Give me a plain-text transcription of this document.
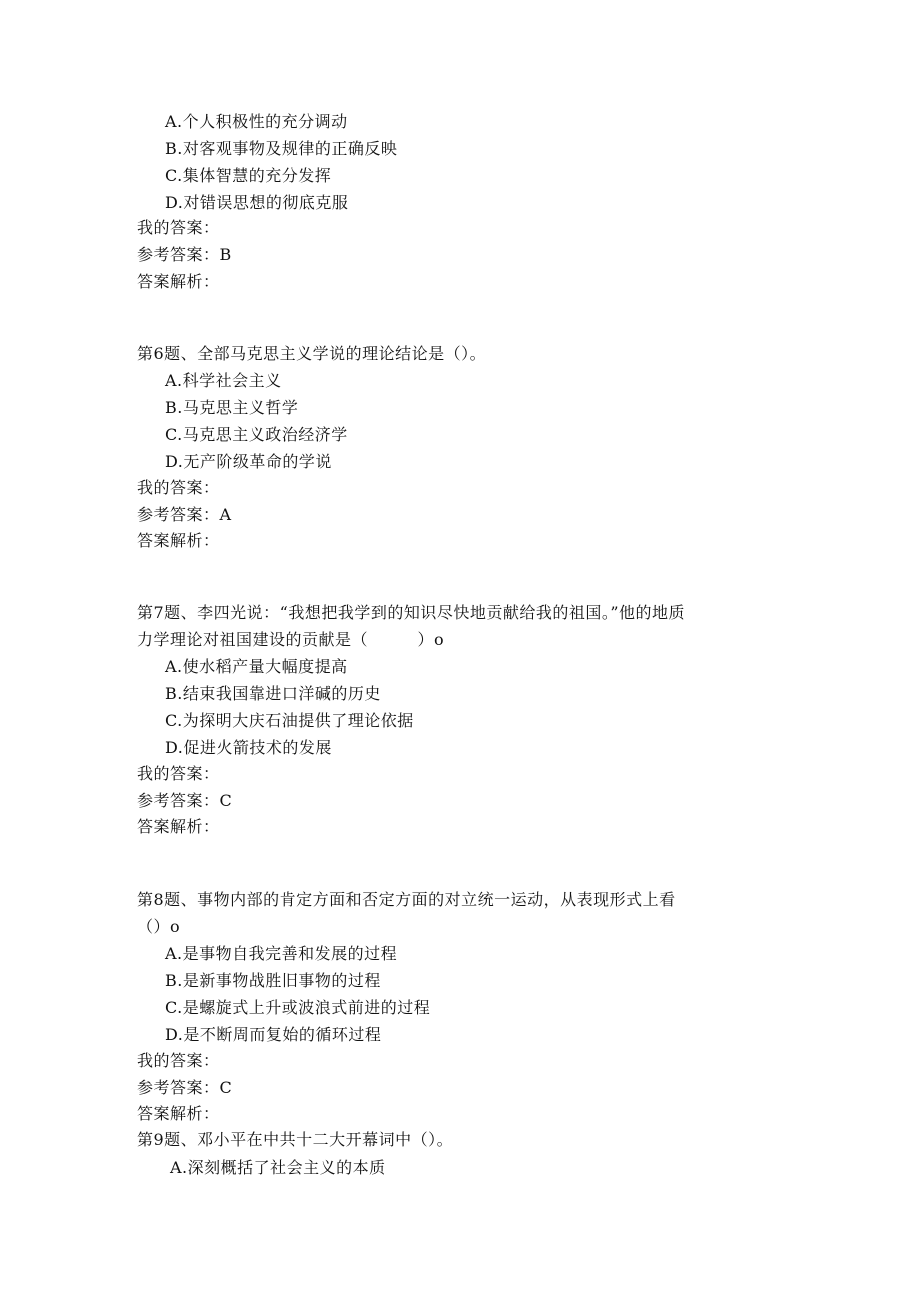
A.个人积极性的充分调动
B.对客观事物及规律的正确反映
C.集体智慧的充分发挥
D.对错误思想的彻底克服
我的答案：
参考答案：B
答案解析：
第6题、全部马克思主义学说的理论结论是（）。
A.科学社会主义
B.马克思主义哲学
C.马克思主义政治经济学
D.无产阶级革命的学说
我的答案：
参考答案：A
答案解析：
第7题、李四光说：“我想把我学到的知识尽快地贡献给我的祖国。”他的地质
力学理论对祖国建设的贡献是（　　　）o
A.使水稻产量大幅度提高
B.结束我国靠进口洋碱的历史
C.为探明大庆石油提供了理论依据
D.促进火箭技术的发展
我的答案：
参考答案：C
答案解析：
第8题、事物内部的肯定方面和否定方面的对立统一运动，从表现形式上看
（）o
A.是事物自我完善和发展的过程
B.是新事物战胜旧事物的过程
C.是螺旋式上升或波浪式前进的过程
D.是不断周而复始的循环过程
我的答案：
参考答案：C
答案解析：
第9题、邓小平在中共十二大开幕词中（）。
A.深刻概括了社会主义的本质
